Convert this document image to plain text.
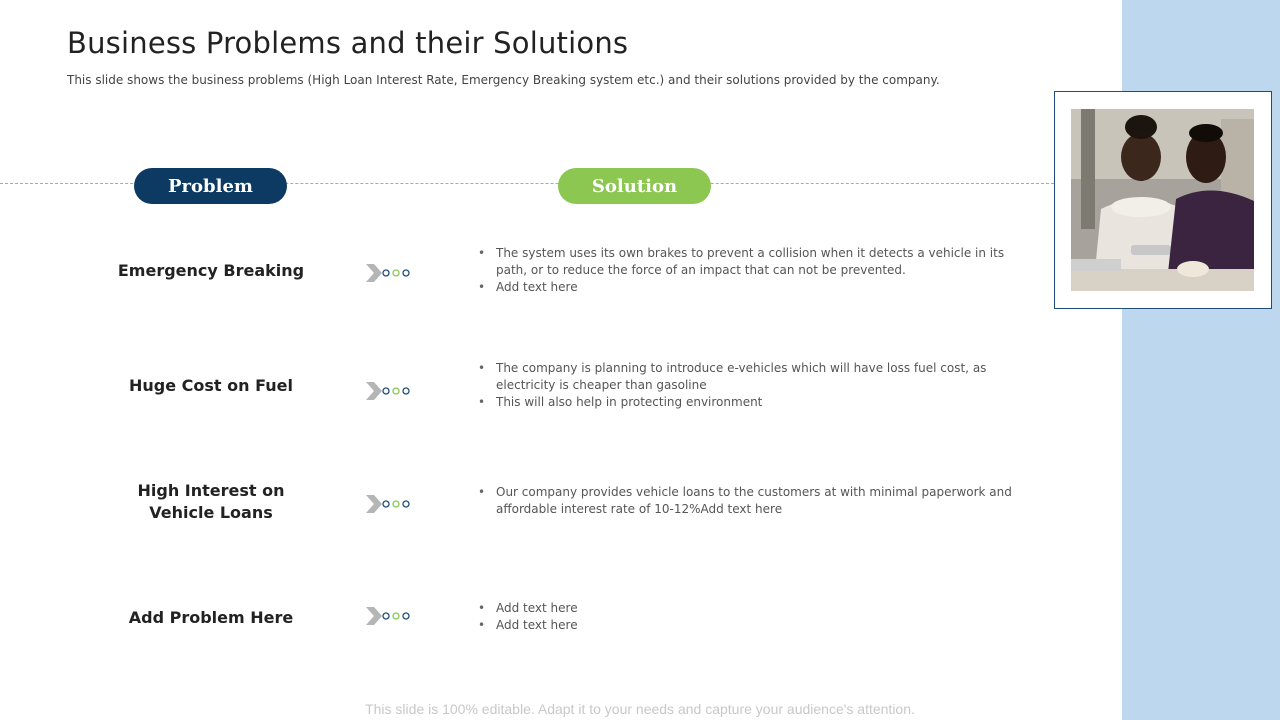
Business Problems and their Solutions

This slide shows the business problems (High Loan Interest Rate, Emergency Breaking system etc.) and their solutions provided by the company.

Problem	Solution
Emergency Breaking
• The system uses its own brakes to prevent a collision when it detects a vehicle in its path, or to reduce the force of an impact that can not be prevented.
• Add text here
Huge Cost on Fuel
• The company is planning to introduce e-vehicles which will have loss fuel cost, as electricity is cheaper than gasoline
• This will also help in protecting environment
High Interest on Vehicle Loans
• Our company provides vehicle loans to the customers at with minimal paperwork and affordable interest rate of 10-12%Add text here
Add Problem Here
•	Add text here
• Add text here
This slide is 100% editable. Adapt it to your needs and capture your audience's attention.
